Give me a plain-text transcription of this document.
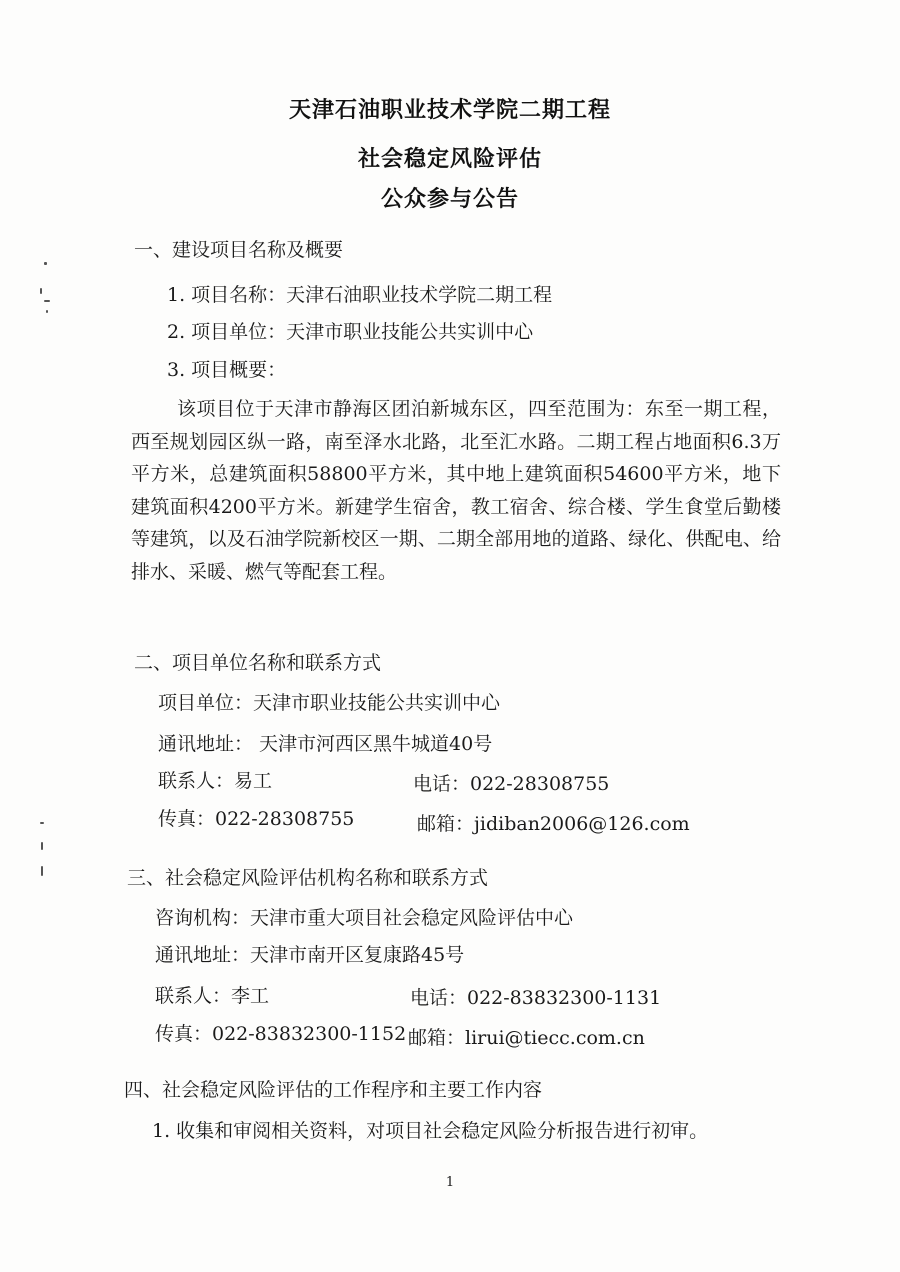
天津石油职业技术学院二期工程
社会稳定风险评估
公众参与公告
一、建设项目名称及概要
1. 项目名称：天津石油职业技术学院二期工程
2. 项目单位：天津市职业技能公共实训中心
3. 项目概要：

该项目位于天津市静海区团泊新城东区，四至范围为：东至一期工程，西至规划园区纵一路，南至泽水北路，北至汇水路。二期工程占地面积6.3万平方米，总建筑面积58800平方米，其中地上建筑面积54600平方米，地下建筑面积4200平方米。新建学生宿舍，教工宿舍、综合楼、学生食堂后勤楼等建筑，以及石油学院新校区一期、二期全部用地的道路、绿化、供配电、给排水、采暖、燃气等配套工程。

二、项目单位名称和联系方式
项目单位：天津市职业技能公共实训中心
通讯地址： 天津市河西区黑牛城道40号
联系人：易工	电话：022-28308755
传真：022-28308755	邮箱：jidiban2006@126.com
三、社会稳定风险评估机构名称和联系方式
咨询机构：天津市重大项目社会稳定风险评估中心
通讯地址：天津市南开区复康路45号
联系人：李工	电话：022-83832300-1131
传真：022-83832300-1152 邮箱：lirui@tiecc.com.cn
四、社会稳定风险评估的工作程序和主要工作内容
1. 收集和审阅相关资料，对项目社会稳定风险分析报告进行初审。
1
